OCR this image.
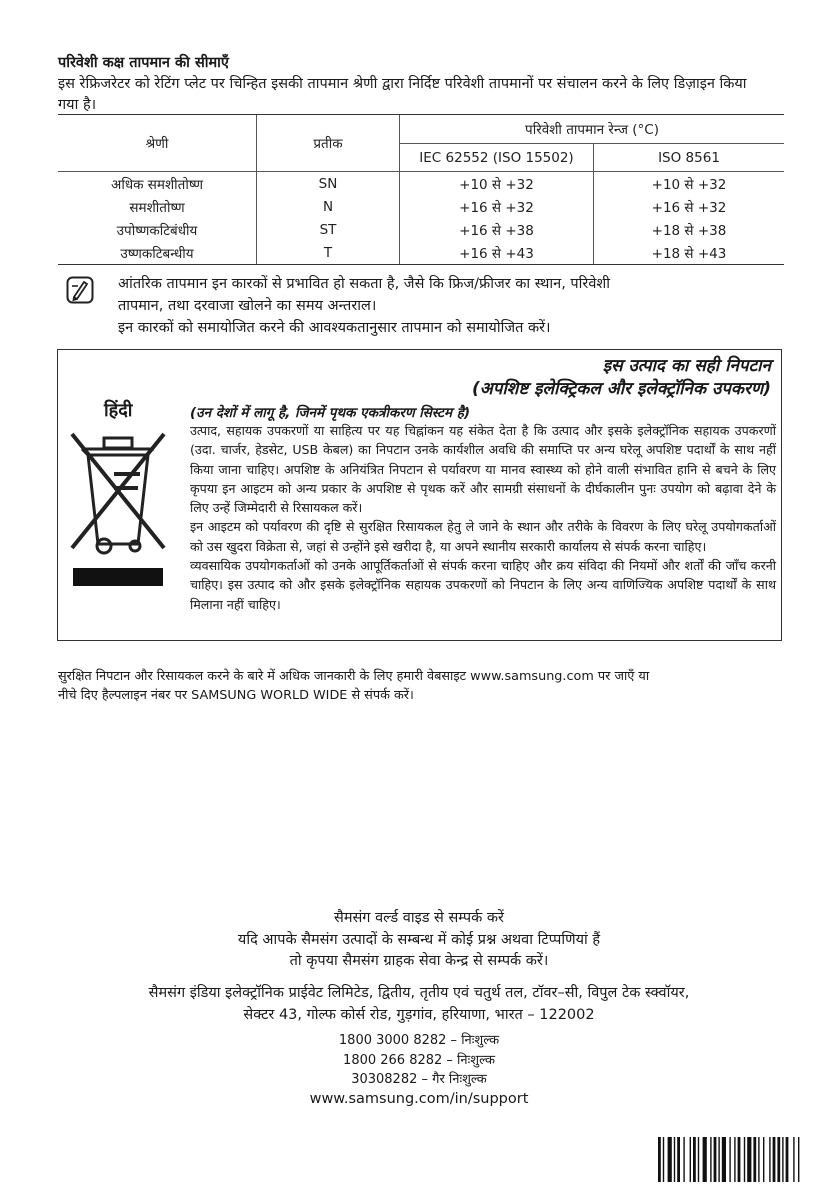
परिवेशी कक्ष तापमान की सीमाएँ
इस रेफ्रिजरेटर को रेटिंग प्लेट पर चिन्हित इसकी तापमान श्रेणी द्वारा निर्दिष्ट परिवेशी तापमानों पर संचालन करने के लिए डिज़ाइन किया गया है।
श्रेणी	प्रतीक	परिवेशी तापमान रेन्ज (°C)	
		IEC 62552 (ISO 15502)	ISO 8561
अधिक समशीतोष्ण	SN	+10 से +32	+10 से +32
समशीतोष्ण	N	+16 से +32	+16 से +32
उपोष्णकटिबंधीय	ST	+16 से +38	+18 से +38
उष्णकटिबन्धीय	T	+16 से +43	+18 से +43
आंतरिक तापमान इन कारकों से प्रभावित हो सकता है, जैसे कि फ्रिज/फ्रीजर का स्थान, परिवेशी
तापमान, तथा दरवाजा खोलने का समय अन्तराल।
इन कारकों को समायोजित करने की आवश्यकतानुसार तापमान को समायोजित करें।
इस उत्पाद का सही निपटान
(अपशिष्ट इलेक्ट्रिकल और इलेक्ट्रॉनिक उपकरण)
हिंदी	(उन देशों में लागू है, जिनमें पृथक एकत्रीकरण सिस्टम है)

उत्पाद, सहायक उपकरणों या साहित्य पर यह चिह्नांकन यह संकेत देता है कि उत्पाद और इसके इलेक्ट्रॉनिक सहायक उपकरणों (उदा. चार्जर, हेडसेट, USB केबल) का निपटान उनके कार्यशील अवधि की समाप्ति पर अन्य घरेलू अपशिष्ट पदार्थों के साथ नहीं किया जाना चाहिए। अपशिष्ट के अनियंत्रित निपटान से पर्यावरण या मानव स्वास्थ्य को होने वाली संभावित हानि से बचने के लिए कृपया इन आइटम को अन्य प्रकार के अपशिष्ट से पृथक करें और सामग्री संसाधनों के दीर्घकालीन पुनः उपयोग को बढ़ावा देने के लिए उन्हें जिम्मेदारी से रिसायकल करें।

इन आइटम को पर्यावरण की दृष्टि से सुरक्षित रिसायकल हेतु ले जाने के स्थान और तरीके के विवरण के लिए घरेलू उपयोगकर्ताओं को उस खुदरा विक्रेता से, जहां से उन्होंने इसे खरीदा है, या अपने स्थानीय सरकारी कार्यालय से संपर्क करना चाहिए।

व्यवसायिक उपयोगकर्ताओं को उनके आपूर्तिकर्ताओं से संपर्क करना चाहिए और क्रय संविदा की नियमों और शर्तों की जाँच करनी चाहिए। इस उत्पाद को और इसके इलेक्ट्रॉनिक सहायक उपकरणों को निपटान के लिए अन्य वाणिज्यिक अपशिष्ट पदार्थों के साथ मिलाना नहीं चाहिए।

सुरक्षित निपटान और रिसायकल करने के बारे में अधिक जानकारी के लिए हमारी वेबसाइट www.samsung.com पर जाएँ या
नीचे दिए हैल्पलाइन नंबर पर SAMSUNG WORLD WIDE से संपर्क करें।
सैमसंग वर्ल्ड वाइड से सम्पर्क करें
यदि आपके सैमसंग उत्पादों के सम्बन्ध में कोई प्रश्न अथवा टिप्पणियां हैं
तो कृपया सैमसंग ग्राहक सेवा केन्द्र से सम्पर्क करें।
सैमसंग इंडिया इलेक्ट्रॉनिक प्राईवेट लिमिटेड, द्वितीय, तृतीय एवं चतुर्थ तल, टॉवर–सी, विपुल टेक स्क्वॉयर,
सेक्टर 43, गोल्फ कोर्स रोड, गुड़गांव, हरियाणा, भारत – 122002
1800 3000 8282 – निःशुल्क
1800 266 8282 – निःशुल्क
30308282 – गैर निःशुल्क
www.samsung.com/in/support
